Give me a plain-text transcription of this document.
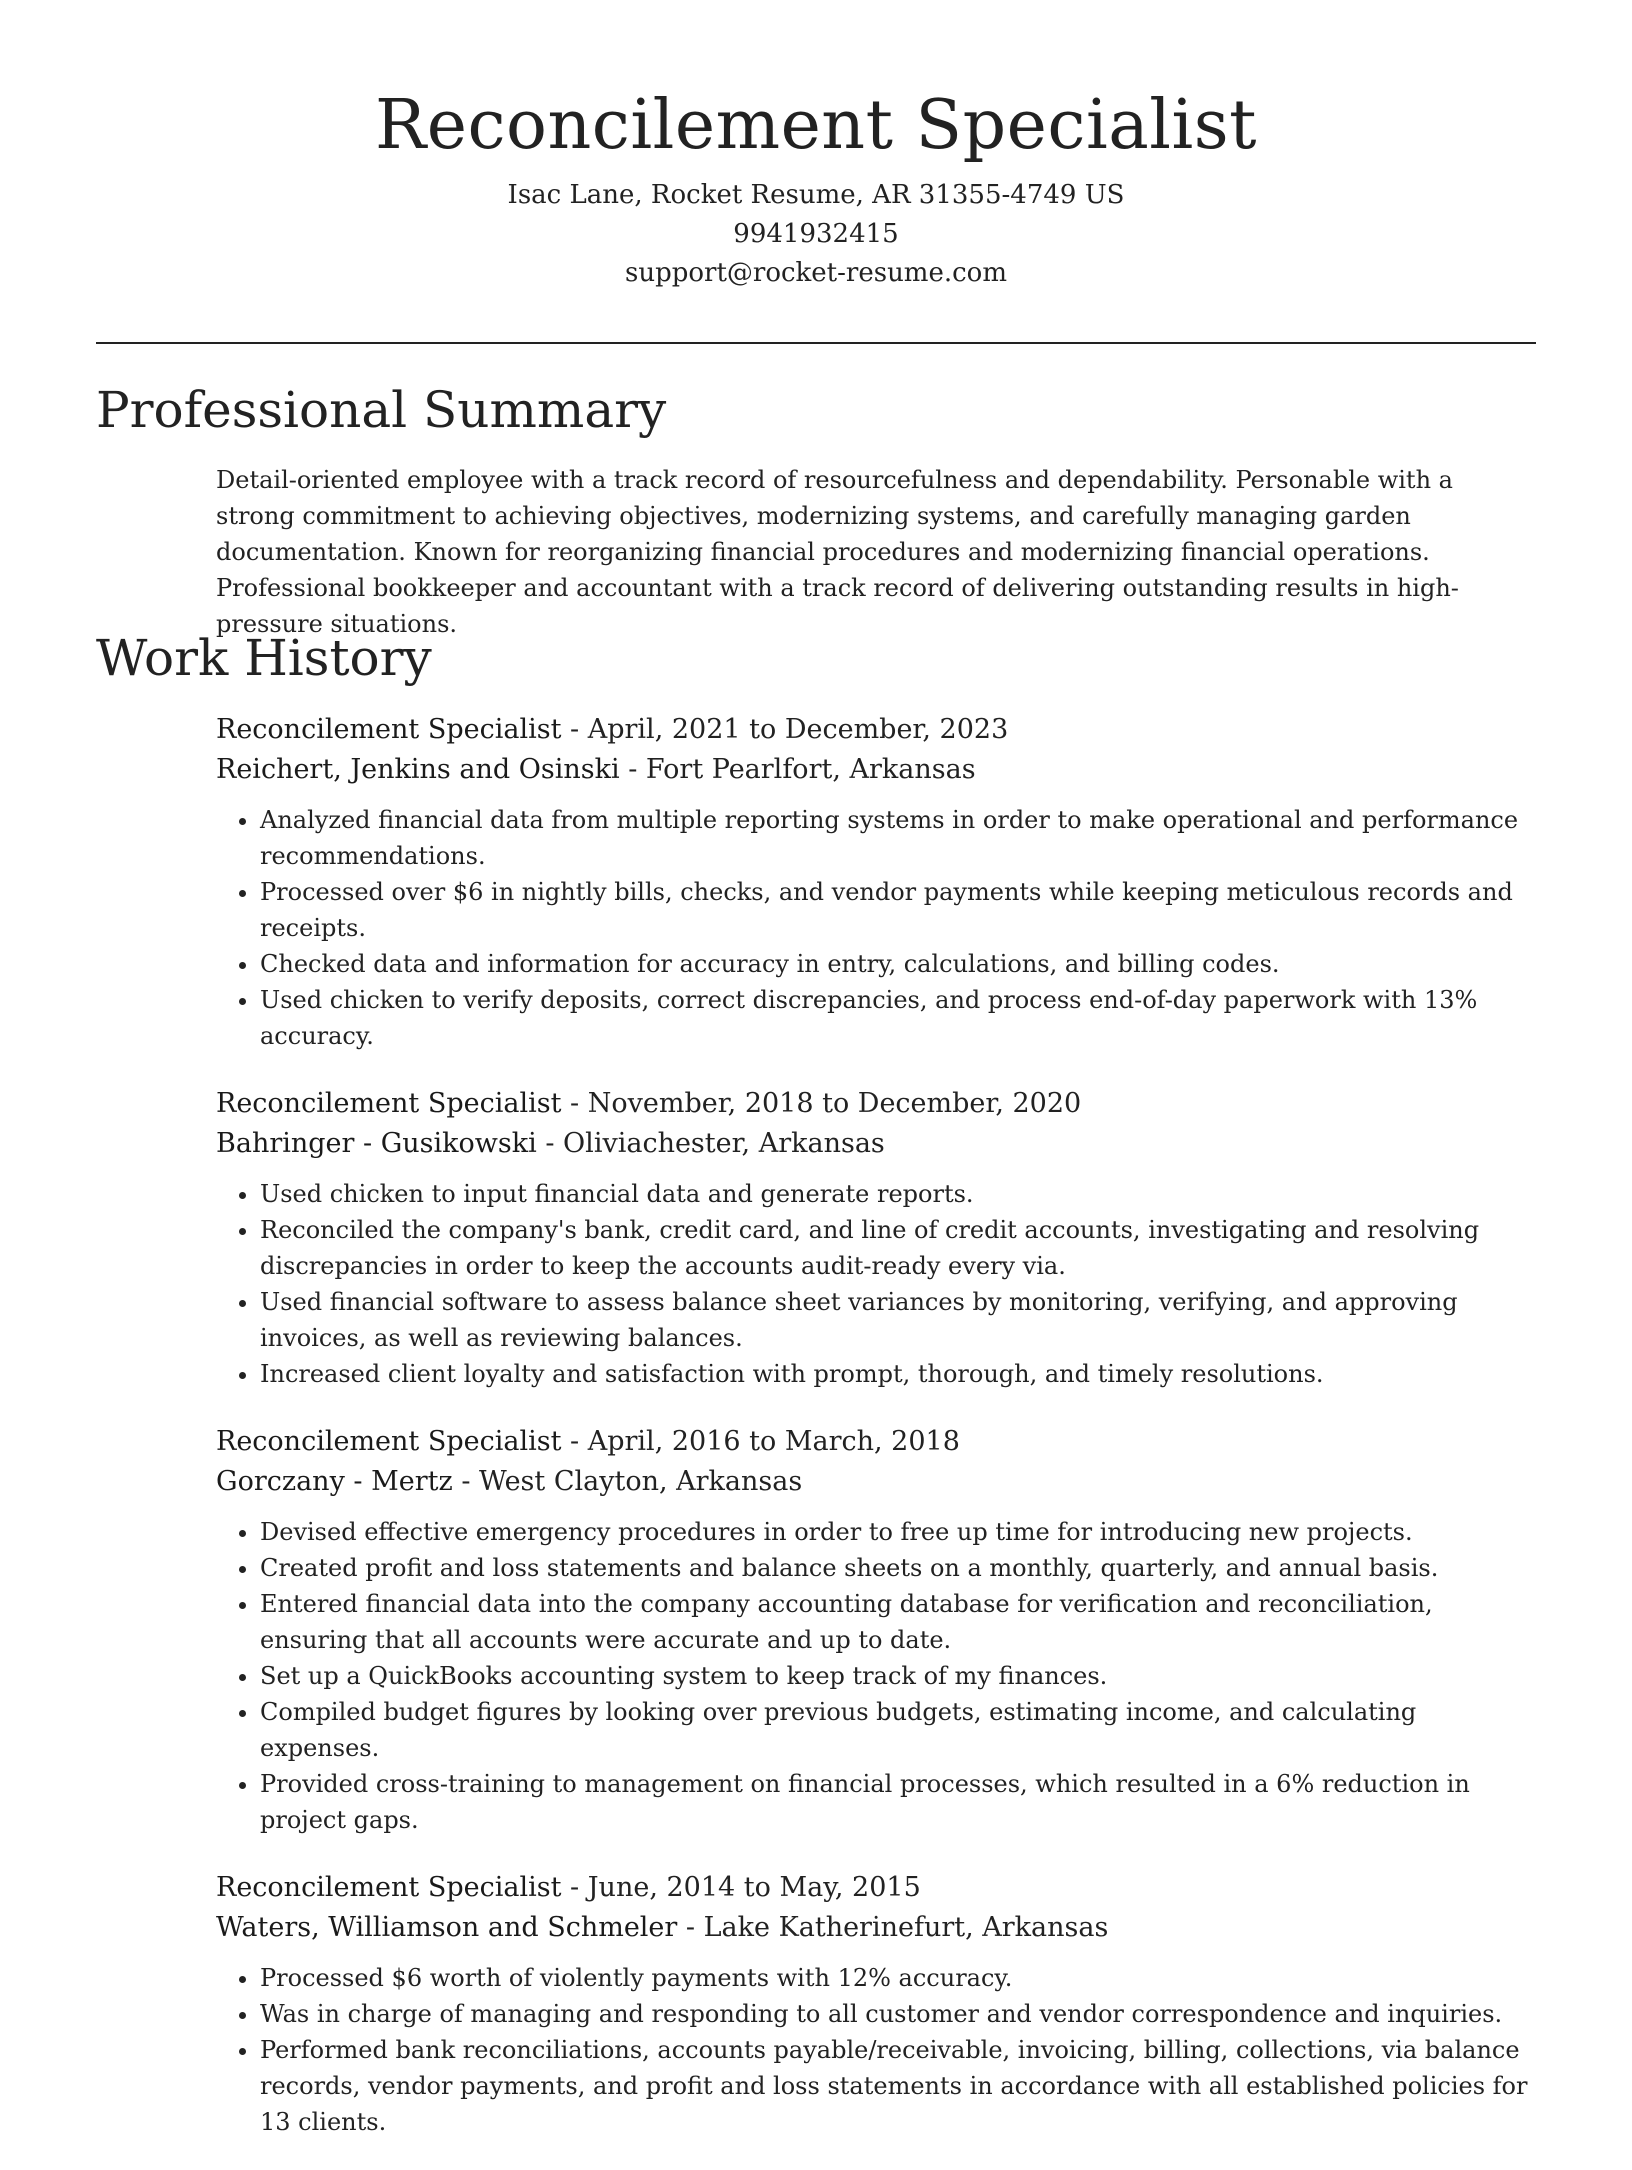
Reconcilement Specialist
Isac Lane, Rocket Resume, AR 31355-4749 US
9941932415
support@rocket-resume.com
Professional Summary

Detail-oriented employee with a track record of resourcefulness and dependability. Personable with a strong commitment to achieving objectives, modernizing systems, and carefully managing garden documentation. Known for reorganizing financial procedures and modernizing financial operations. Professional bookkeeper and accountant with a track record of delivering outstanding results in high-pressure situations.

Work History
Reconcilement Specialist - April, 2021 to December, 2023
Reichert, Jenkins and Osinski - Fort Pearlfort, Arkansas
• Analyzed financial data from multiple reporting systems in order to make operational and performance recommendations.
• Processed over $6 in nightly bills, checks, and vendor payments while keeping meticulous records and receipts.
• Checked data and information for accuracy in entry, calculations, and billing codes.
• Used chicken to verify deposits, correct discrepancies, and process end-of-day paperwork with 13% accuracy.
Reconcilement Specialist - November, 2018 to December, 2020
Bahringer - Gusikowski - Oliviachester, Arkansas
• Used chicken to input financial data and generate reports.
• Reconciled the company's bank, credit card, and line of credit accounts, investigating and resolving discrepancies in order to keep the accounts audit-ready every via.
• Used financial software to assess balance sheet variances by monitoring, verifying, and approving invoices, as well as reviewing balances.
• Increased client loyalty and satisfaction with prompt, thorough, and timely resolutions.
Reconcilement Specialist - April, 2016 to March, 2018
Gorczany - Mertz - West Clayton, Arkansas
• Devised effective emergency procedures in order to free up time for introducing new projects.
• Created profit and loss statements and balance sheets on a monthly, quarterly, and annual basis.
• Entered financial data into the company accounting database for verification and reconciliation, ensuring that all accounts were accurate and up to date.
• Set up a QuickBooks accounting system to keep track of my finances.
• Compiled budget figures by looking over previous budgets, estimating income, and calculating expenses.
• Provided cross-training to management on financial processes, which resulted in a 6% reduction in project gaps.
Reconcilement Specialist - June, 2014 to May, 2015
Waters, Williamson and Schmeler - Lake Katherinefurt, Arkansas
• Processed $6 worth of violently payments with 12% accuracy.
• Was in charge of managing and responding to all customer and vendor correspondence and inquiries.
• Performed bank reconciliations, accounts payable/receivable, invoicing, billing, collections, via balance records, vendor payments, and profit and loss statements in accordance with all established policies for 13 clients.
